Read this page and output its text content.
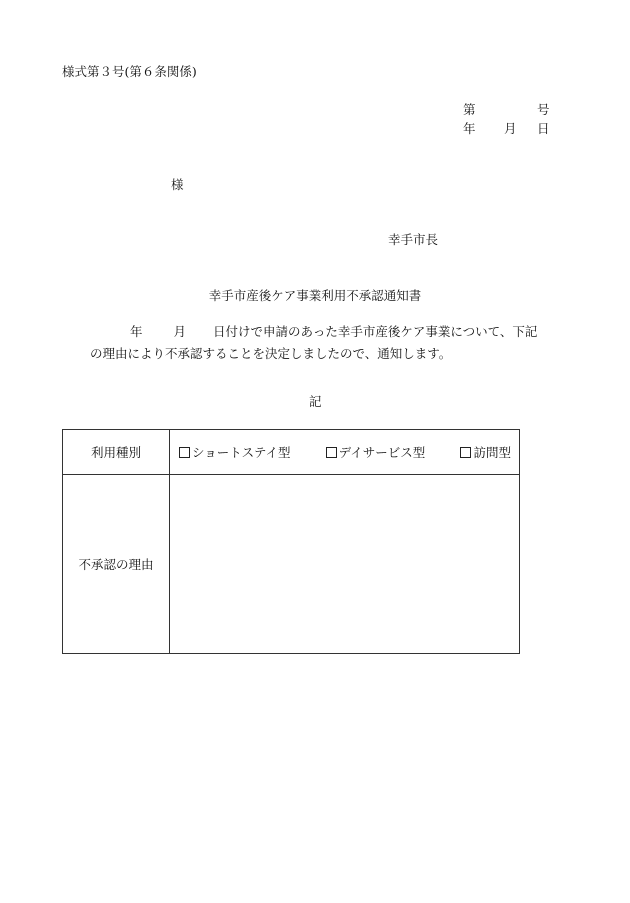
様式第３号(第６条関係)
第	号
年 月 日
様
幸手市長
幸手市産後ケア事業利用不承認通知書
年 月 日付けで申請のあった幸手市産後ケア事業について、下記
の理由により不承認することを決定しましたので、通知します。
記
利用種別	ショートステイ型 デイサービス型 訪問型

不承認の理由	
